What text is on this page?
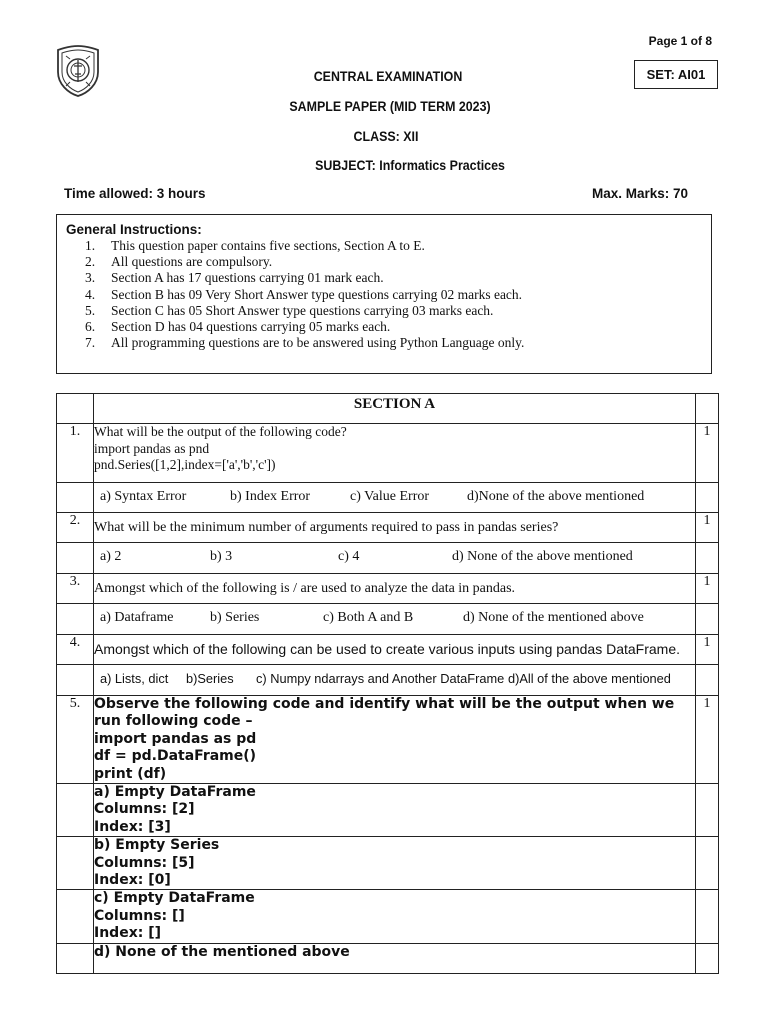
Page 1 of 8
SET: AI01
CENTRAL EXAMINATION
SAMPLE PAPER (MID TERM 2023)
CLASS: XII
SUBJECT: Informatics Practices
Time allowed: 3 hours	Max. Marks: 70
General Instructions:
1.	This question paper contains five sections, Section A to E.
2.	All questions are compulsory.
3.	Section A has 17 questions carrying 01 mark each.
4.	Section B has 09 Very Short Answer type questions carrying 02 marks each.
5.	Section C has 05 Short Answer type questions carrying 03 marks each.
6.	Section D has 04 questions carrying 05 marks each.
7.	All programming questions are to be answered using Python Language only.
	SECTION A	
1.	What will be the output of the following code?
import pandas as pnd
pnd.Series([1,2],index=['a','b','c'])	1

	a) Syntax Error b) Index Error c) Value Error d)None of the above mentioned	

2.	What will be the minimum number of arguments required to pass in pandas series?	1

	a) 2 b) 3 c) 4 d) None of the above mentioned	

3.	Amongst which of the following is / are used to analyze the data in pandas.	1

	a) Dataframe b) Series c) Both A and B d) None of the mentioned above	

4.	Amongst which of the following can be used to create various inputs using pandas DataFrame.	1

	a) Lists, dict b)Series c) Numpy ndarrays and Another DataFrame d)All of the above mentioned	

5.	Observe the following code and identify what will be the output when we run following code –
import pandas as pd
df = pd.DataFrame()
print (df)	1

	a) Empty DataFrame
Columns: [2]
Index: [3]	

	b) Empty Series
Columns: [5]
Index: [0]	

	c) Empty DataFrame
Columns: []
Index: []	

	d) None of the mentioned above	
